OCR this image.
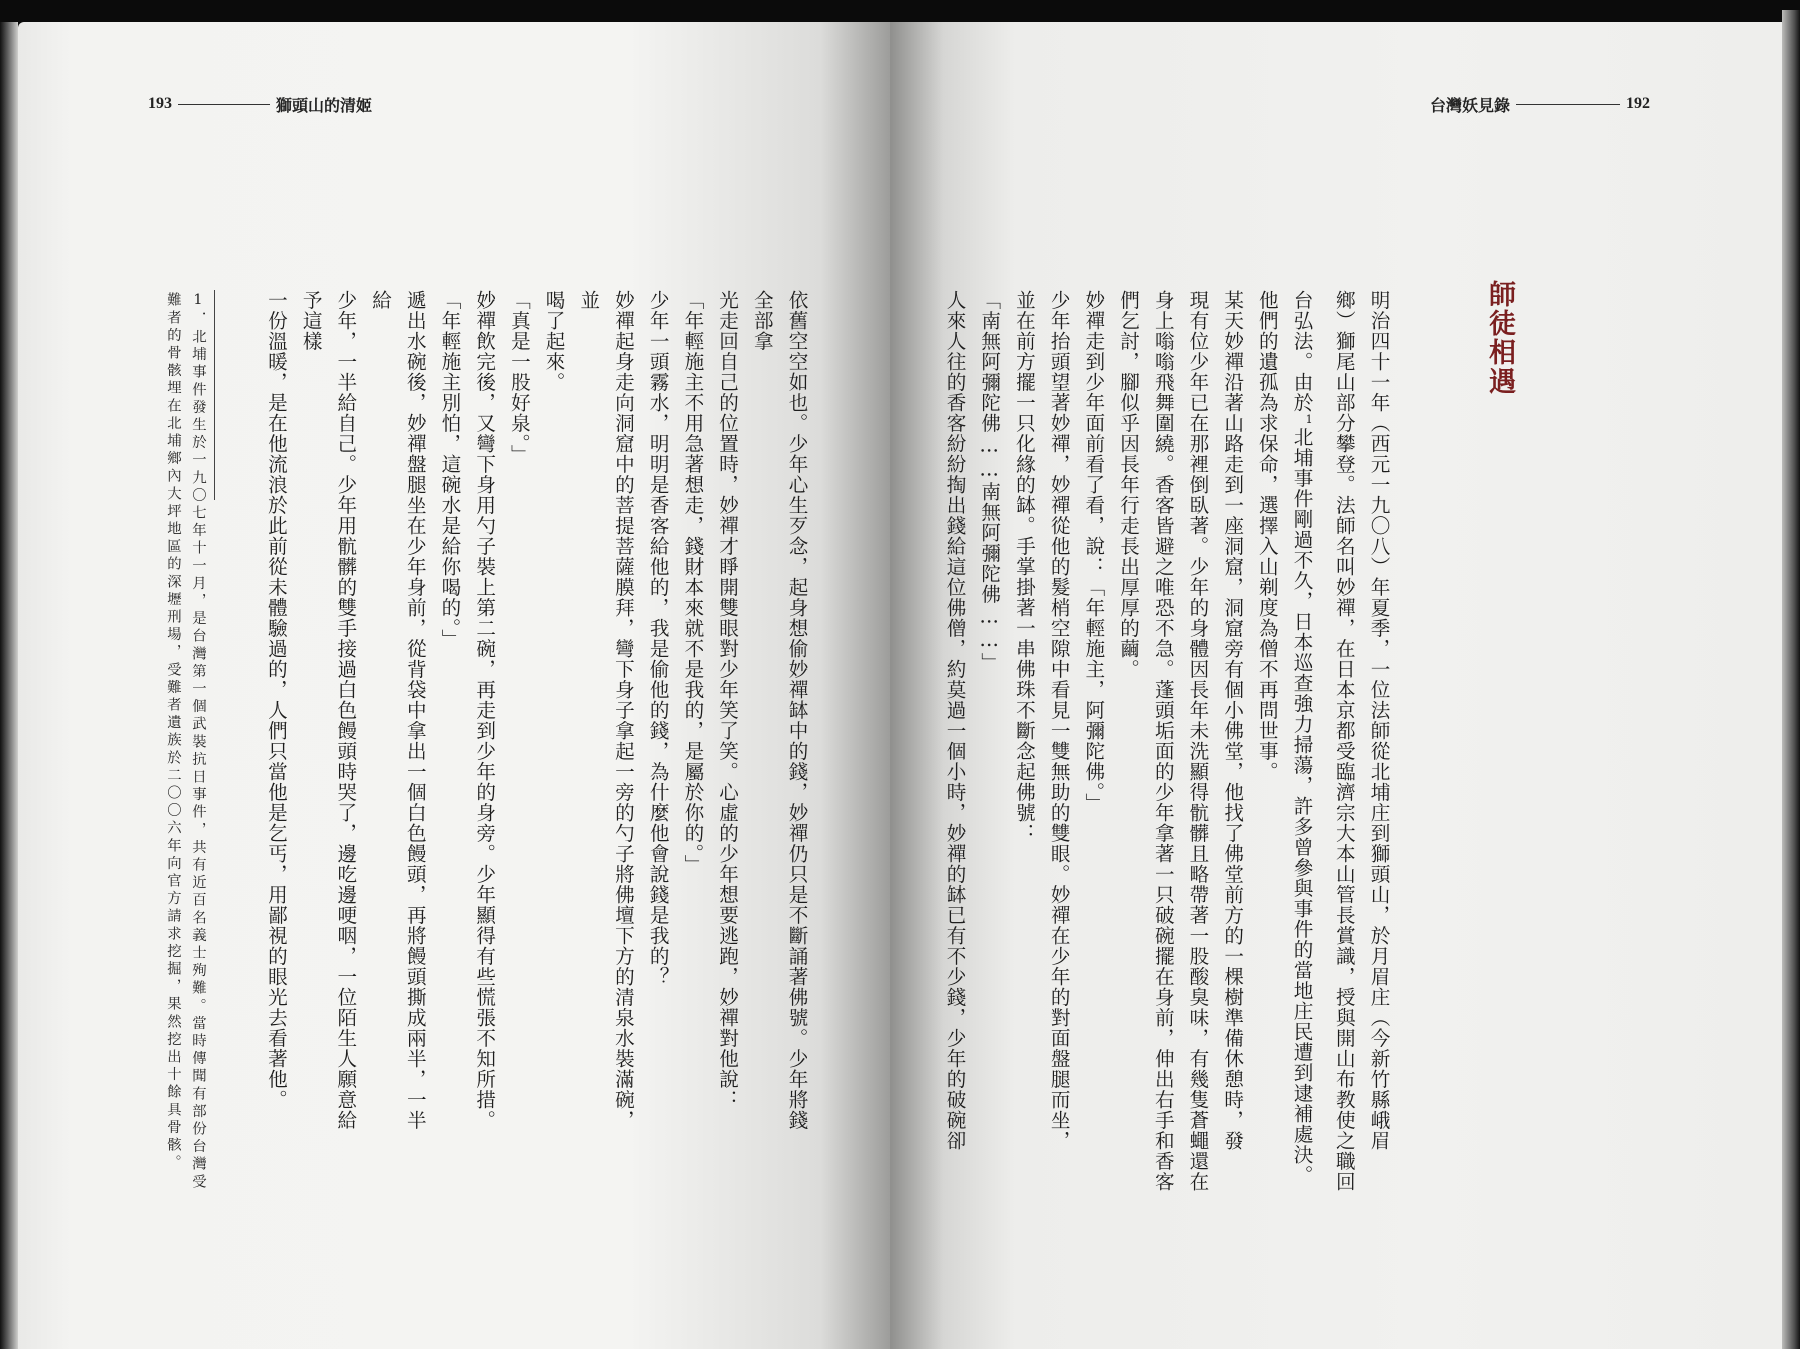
193	獅頭山的清姬

依舊空空如也。少年心生歹念，起身想偷妙禪缽中的錢，妙禪仍只是不斷誦著佛號。少年將錢全部拿

光走回自己的位置時，妙禪才睜開雙眼對少年笑了笑。心虛的少年想要逃跑，妙禪對他說：

「年輕施主不用急著想走，錢財本來就不是我的，是屬於你的。」

少年一頭霧水，明明是香客給他的，我是偷他的錢，為什麼他會說錢是我的？

妙禪起身走向洞窟中的菩提菩薩膜拜，彎下身子拿起一旁的勺子將佛壇下方的清泉水裝滿碗，並

喝了起來。

「真是一股好泉。」

妙禪飲完後，又彎下身用勺子裝上第二碗，再走到少年的身旁。少年顯得有些慌張不知所措。

「年輕施主別怕，這碗水是給你喝的。」

遞出水碗後，妙禪盤腿坐在少年身前，從背袋中拿出一個白色饅頭，再將饅頭撕成兩半，一半給

少年，一半給自己。少年用骯髒的雙手接過白色饅頭時哭了，邊吃邊哽咽，一位陌生人願意給予這樣

一份溫暖，是在他流浪於此前從未體驗過的，人們只當他是乞丐，用鄙視的眼光去看著他。

1．北埔事件發生於一九〇七年十一月，是台灣第一個武裝抗日事件，共有近百名義士殉難。當時傳聞有部份台灣受

難者的骨骸埋在北埔鄉內大坪地區的深壢刑場，受難者遺族於二〇〇六年向官方請求挖掘，果然挖出十餘具骨骸。

台灣妖見錄	192
師徒相遇

明治四十一年（西元一九〇八）年夏季，一位法師從北埔庄到獅頭山，於月眉庄（今新竹縣峨眉

鄉）獅尾山部分攀登。法師名叫妙禪，在日本京都受臨濟宗大本山管長賞識，授與開山布教使之職回

台弘法。由於$^1$北埔事件剛過不久，日本巡查強力掃蕩，許多曾參與事件的當地庄民遭到逮補處決。

他們的遺孤為求保命，選擇入山剃度為僧不再問世事。

某天妙禪沿著山路走到一座洞窟，洞窟旁有個小佛堂，他找了佛堂前方的一棵樹準備休憩時，發

現有位少年已在那裡倒臥著。少年的身體因長年未洗顯得骯髒且略帶著一股酸臭味，有幾隻蒼蠅還在

身上嗡嗡飛舞圍繞。香客皆避之唯恐不急。蓬頭垢面的少年拿著一只破碗擺在身前，伸出右手和香客

們乞討，腳似乎因長年行走長出厚厚的繭。

妙禪走到少年面前看了看，說：「年輕施主，阿彌陀佛。」

少年抬頭望著妙禪，妙禪從他的髮梢空隙中看見一雙無助的雙眼。妙禪在少年的對面盤腿而坐，

並在前方擺一只化緣的缽。手掌掛著一串佛珠不斷念起佛號：

「南無阿彌陀佛……南無阿彌陀佛……」

人來人往的香客紛紛掏出錢給這位佛僧，約莫過一個小時，妙禪的缽已有不少錢，少年的破碗卻
